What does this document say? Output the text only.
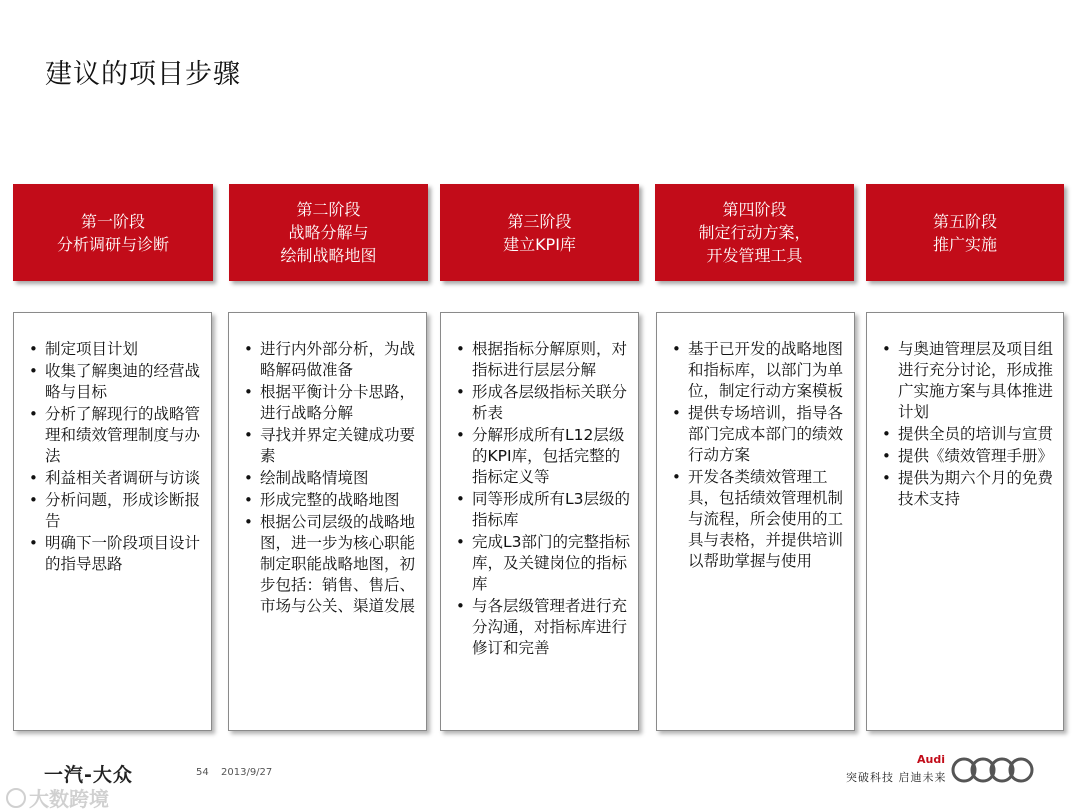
建议的项目步骤
第一阶段
分析调研与诊断
第二阶段
战略分解与
绘制战略地图
第三阶段
建立KPI库
第四阶段
制定行动方案，
开发管理工具
第五阶段
推广实施
• 制定项目计划
• 收集了解奥迪的经营战略与目标
• 分析了解现行的战略管理和绩效管理制度与办法
• 利益相关者调研与访谈
• 分析问题，形成诊断报告
• 明确下一阶段项目设计的指导思路
• 进行内外部分析，为战略解码做准备
• 根据平衡计分卡思路，进行战略分解
• 寻找并界定关键成功要素
• 绘制战略情境图
• 形成完整的战略地图
• 根据公司层级的战略地图，进一步为核心职能制定职能战略地图，初步包括：销售、售后、市场与公关、渠道发展
• 根据指标分解原则，对指标进行层层分解
• 形成各层级指标关联分析表
• 分解形成所有L12层级的KPI库，包括完整的指标定义等
• 同等形成所有L3层级的指标库
• 完成L3部门的完整指标库，及关键岗位的指标库
• 与各层级管理者进行充分沟通，对指标库进行修订和完善
• 基于已开发的战略地图和指标库，以部门为单位，制定行动方案模板
• 提供专场培训，指导各部门完成本部门的绩效行动方案
• 开发各类绩效管理工具，包括绩效管理机制与流程，所会使用的工具与表格，并提供培训以帮助掌握与使用
• 与奥迪管理层及项目组进行充分讨论，形成推广实施方案与具体推进计划
• 提供全员的培训与宣贯
• 提供《绩效管理手册》
• 提供为期六个月的免费技术支持
一汽-大众	54 2013/9/27
大数跨境
突破科技 启迪未来
Audi
